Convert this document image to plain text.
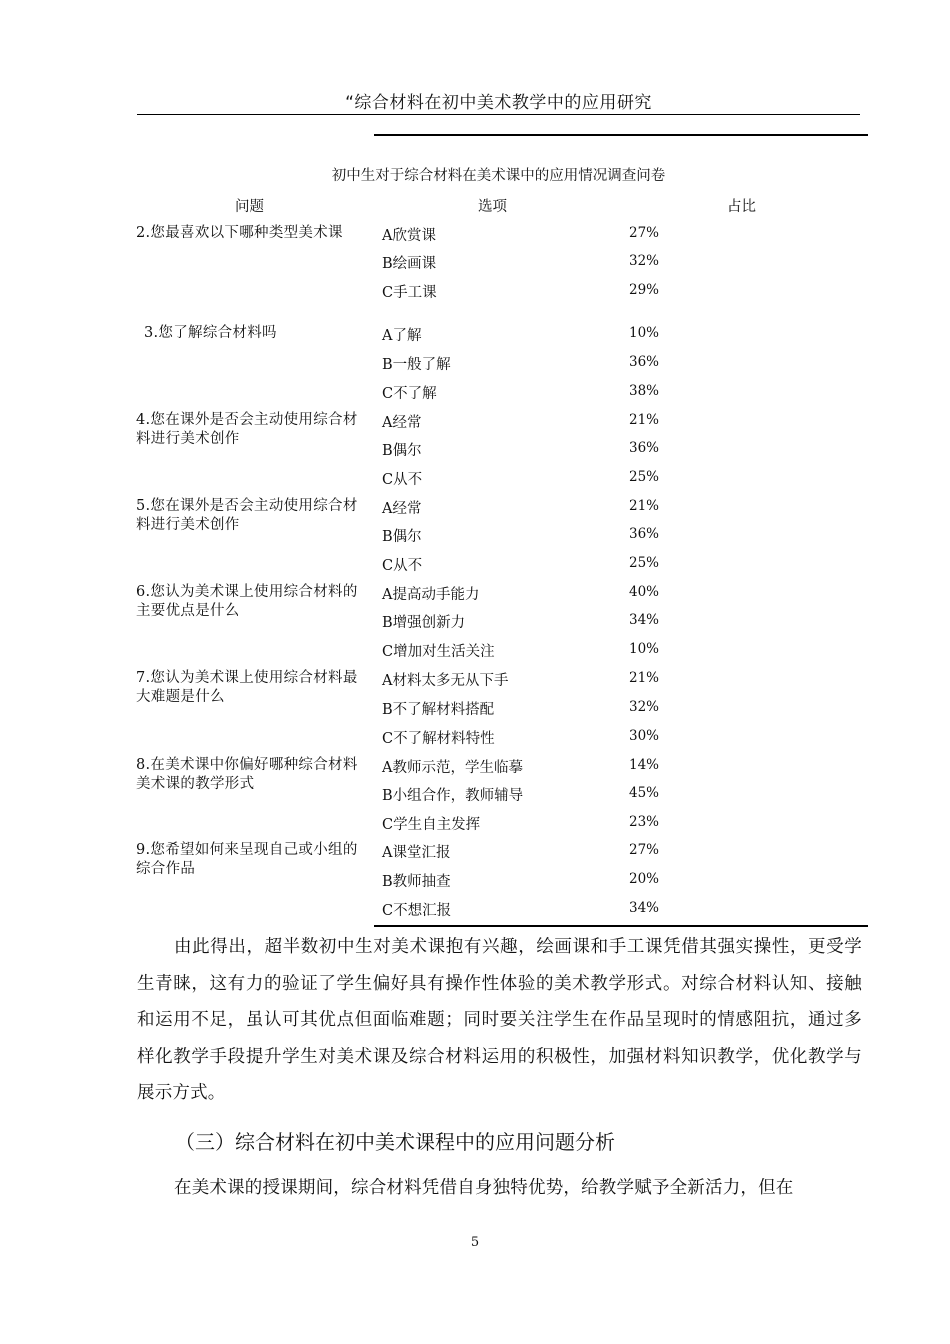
“综合材料在初中美术教学中的应用研究
初中生对于综合材料在美术课中的应用情况调查问卷
问题	选项	占比
2.您最喜欢以下哪种类型美术课	A欣赏课	27%
B绘画课	32%
C手工课	29%
3.您了解综合材料吗	A了解	10%
B一般了解	36%
C不了解	38%
4.您在课外是否会主动使用综合材料进行美术创作
A经常	21%
B偶尔	36%
C从不	25%
5.您在课外是否会主动使用综合材料进行美术创作
A经常	21%
B偶尔	36%
C从不	25%
6.您认为美术课上使用综合材料的主要优点是什么
A提高动手能力	40%
B增强创新力	34%
C增加对生活关注	10%
7.您认为美术课上使用综合材料最大难题是什么
A材料太多无从下手	21%
B不了解材料搭配	32%
C不了解材料特性	30%
8.在美术课中你偏好哪种综合材料美术课的教学形式
A教师示范，学生临摹	14%
B小组合作，教师辅导	45%
C学生自主发挥	23%
9.您希望如何来呈现自己或小组的综合作品
A课堂汇报	27%
B教师抽查	20%
C不想汇报	34%
由此得出，超半数初中生对美术课抱有兴趣，绘画课和手工课凭借其强实操性，更受学生青睐，这有力的验证了学生偏好具有操作性体验的美术教学形式。对综合材料认知、接触和运用不足，虽认可其优点但面临难题；同时要关注学生在作品呈现时的情感阻抗，通过多样化教学手段提升学生对美术课及综合材料运用的积极性，加强材料知识教学，优化教学与展示方式。
（三）综合材料在初中美术课程中的应用问题分析
在美术课的授课期间，综合材料凭借自身独特优势，给教学赋予全新活力，但在
5
